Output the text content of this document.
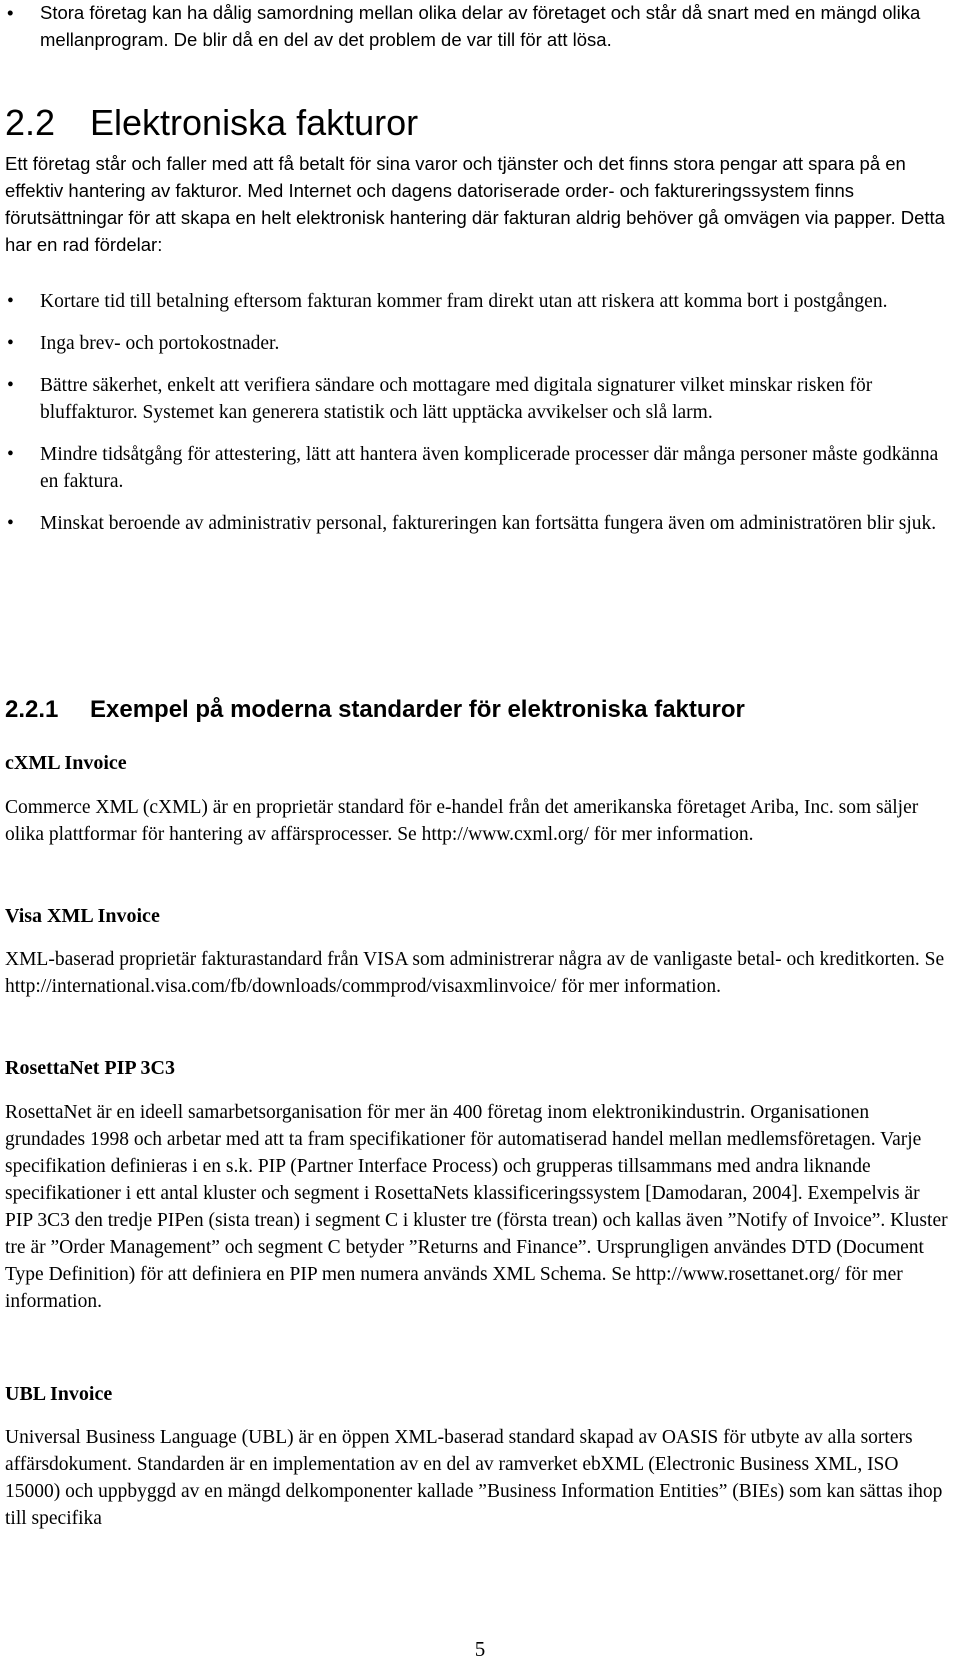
• Stora företag kan ha dålig samordning mellan olika delar av företaget och står då snart med en mängd olika mellanprogram. De blir då en del av det problem de var till för att lösa.
2.2 Elektroniska fakturor

Ett företag står och faller med att få betalt för sina varor och tjänster och det finns stora pengar att spara på en effektiv hantering av fakturor. Med Internet och dagens datoriserade order- och faktureringssystem finns förutsättningar för att skapa en helt elektronisk hantering där fakturan aldrig behöver gå omvägen via papper. Detta har en rad fördelar:

• Kortare tid till betalning eftersom fakturan kommer fram direkt utan att riskera att komma bort i postgången.
• Inga brev- och portokostnader.
• Bättre säkerhet, enkelt att verifiera sändare och mottagare med digitala signaturer vilket minskar risken för bluffakturor. Systemet kan generera statistik och lätt upptäcka avvikelser och slå larm.
• Mindre tidsåtgång för attestering, lätt att hantera även komplicerade processer där många personer måste godkänna en faktura.
• Minskat beroende av administrativ personal, faktureringen kan fortsätta fungera även om administratören blir sjuk.
2.2.1 Exempel på moderna standarder för elektroniska fakturor
cXML Invoice

Commerce XML (cXML) är en proprietär standard för e-handel från det amerikanska företaget Ariba, Inc. som säljer olika plattformar för hantering av affärsprocesser. Se http://www.cxml.org/ för mer information.

Visa XML Invoice

XML-baserad proprietär fakturastandard från VISA som administrerar några av de vanligaste betal- och kreditkorten. Se http://international.visa.com/fb/downloads/commprod/visaxmlinvoice/ för mer information.

RosettaNet PIP 3C3

RosettaNet är en ideell samarbetsorganisation för mer än 400 företag inom elektronikindustrin. Organisationen grundades 1998 och arbetar med att ta fram specifikationer för automatiserad handel mellan medlemsföretagen. Varje specifikation definieras i en s.k. PIP (Partner Interface Process) och grupperas tillsammans med andra liknande specifikationer i ett antal kluster och segment i RosettaNets klassificeringssystem [Damodaran, 2004]. Exempelvis är PIP 3C3 den tredje PIPen (sista trean) i segment C i kluster tre (första trean) och kallas även ”Notify of Invoice”. Kluster tre är ”Order Management” och segment C betyder ”Returns and Finance”. Ursprungligen användes DTD (Document Type Definition) för att definiera en PIP men numera används XML Schema. Se http://www.rosettanet.org/ för mer information.

UBL Invoice

Universal Business Language (UBL) är en öppen XML-baserad standard skapad av OASIS för utbyte av alla sorters affärsdokument. Standarden är en implementation av en del av ramverket ebXML (Electronic Business XML, ISO 15000) och uppbyggd av en mängd delkomponenter kallade ”Business Information Entities” (BIEs) som kan sättas ihop till specifika

5
